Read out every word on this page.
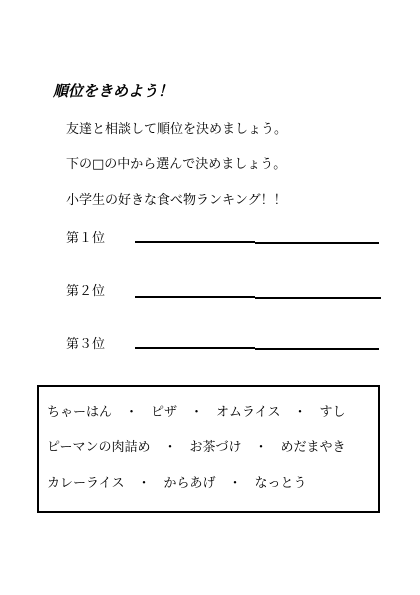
順位をきめよう！
友達と相談して順位を決めましょう。
下の□の中から選んで決めましょう。
小学生の好きな食べ物ランキング！！
第１位
第２位
第３位
ちゃーはん　・　ピザ　・　オムライス　・　すし
ピーマンの肉詰め　・　お茶づけ　・　めだまやき
カレーライス　・　からあげ　・　なっとう
